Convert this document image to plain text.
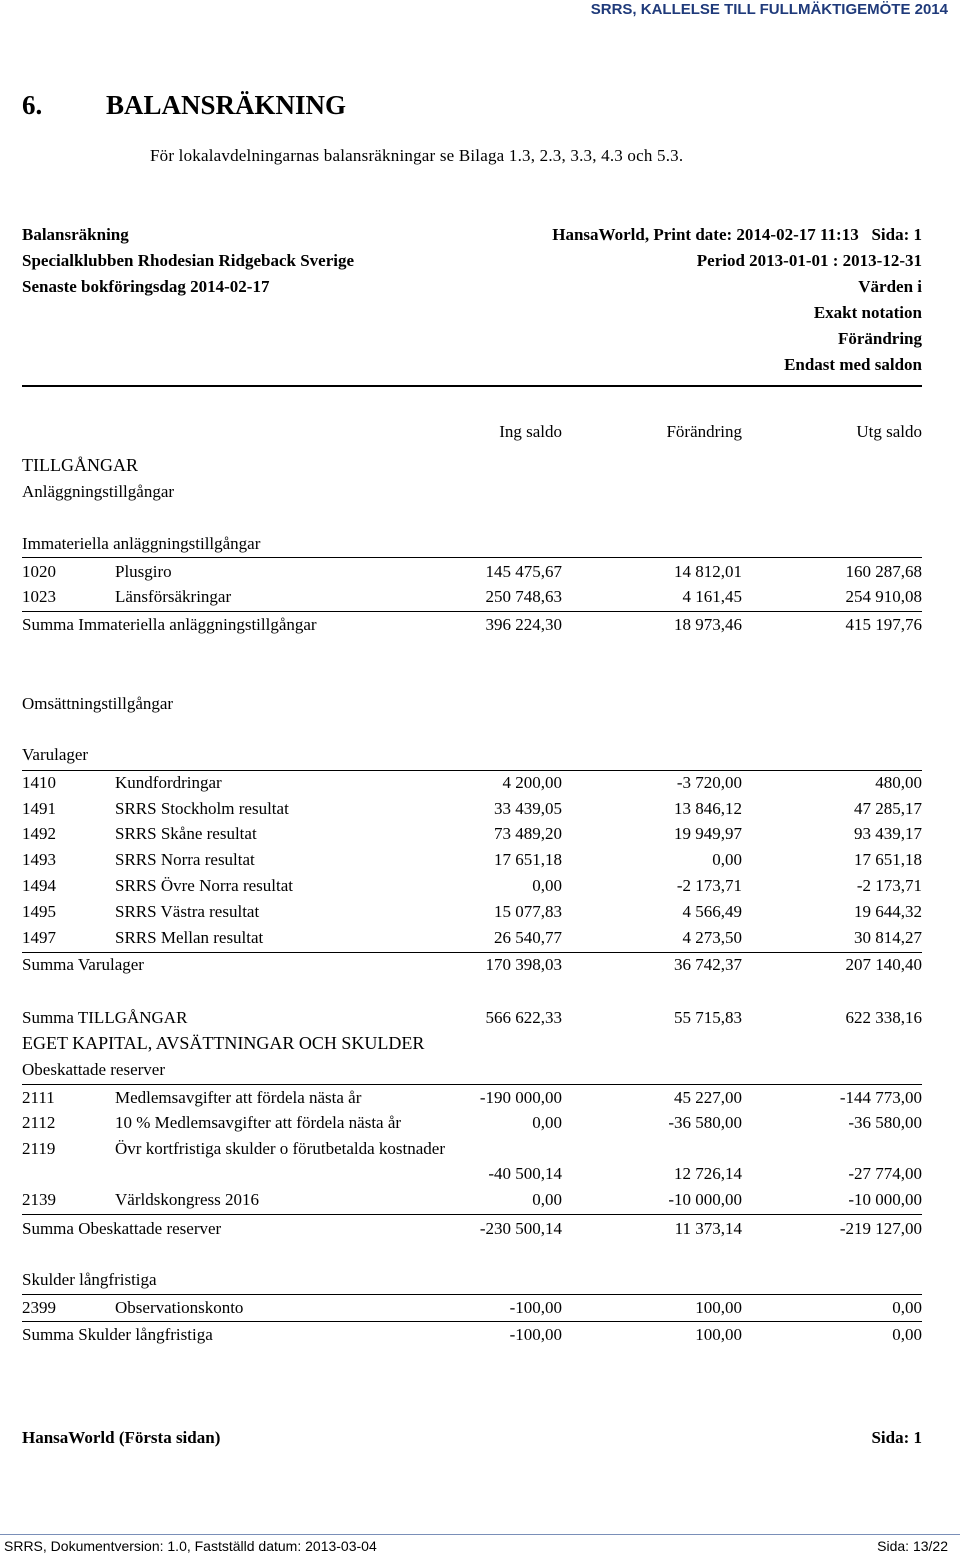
SRRS, KALLELSE TILL FULLMÄKTIGEMÖTE 2014
6. BALANSRÄKNING
För lokalavdelningarnas balansräkningar se Bilaga 1.3, 2.3, 3.3, 4.3 och 5.3.
Balansräkning
Specialklubben Rhodesian Ridgeback Sverige
Senaste bokföringsdag 2014-02-17
HansaWorld, Print date: 2014-02-17 11:13 Sida: 1
Period 2013-01-01 : 2013-12-31
Värden i
Exakt notation
Förändring
Endast med saldon
Ing saldo	Förändring	Utg saldo
TILLGÅNGAR
Anläggningstillgångar
Immateriella anläggningstillgångar
1020	Plusgiro	145 475,67	14 812,01	160 287,68
1023	Länsförsäkringar	250 748,63	4 161,45	254 910,08
Summa Immateriella anläggningstillgångar	396 224,30	18 973,46	415 197,76
Omsättningstillgångar
Varulager
1410	Kundfordringar	4 200,00	-3 720,00	480,00
1491	SRRS Stockholm resultat	33 439,05	13 846,12	47 285,17
1492	SRRS Skåne resultat	73 489,20	19 949,97	93 439,17
1493	SRRS Norra resultat	17 651,18	0,00	17 651,18
1494	SRRS Övre Norra resultat	0,00	-2 173,71	-2 173,71
1495	SRRS Västra resultat	15 077,83	4 566,49	19 644,32
1497	SRRS Mellan resultat	26 540,77	4 273,50	30 814,27
Summa Varulager	170 398,03	36 742,37	207 140,40
Summa TILLGÅNGAR	566 622,33	55 715,83	622 338,16
EGET KAPITAL, AVSÄTTNINGAR OCH SKULDER
Obeskattade reserver
2111	Medlemsavgifter att fördela nästa år	-190 000,00	45 227,00	-144 773,00
2112	10 % Medlemsavgifter att fördela nästa år	0,00	-36 580,00	-36 580,00
2119	Övr kortfristiga skulder o förutbetalda kostnader
-40 500,14	12 726,14	-27 774,00
2139	Världskongress 2016	0,00	-10 000,00	-10 000,00
Summa Obeskattade reserver	-230 500,14	11 373,14	-219 127,00
Skulder långfristiga
2399	Observationskonto	-100,00	100,00	0,00
Summa Skulder långfristiga	-100,00	100,00	0,00
HansaWorld (Första sidan)	Sida: 1
SRRS, Dokumentversion: 1.0, Fastställd datum: 2013-03-04	Sida: 13/22
